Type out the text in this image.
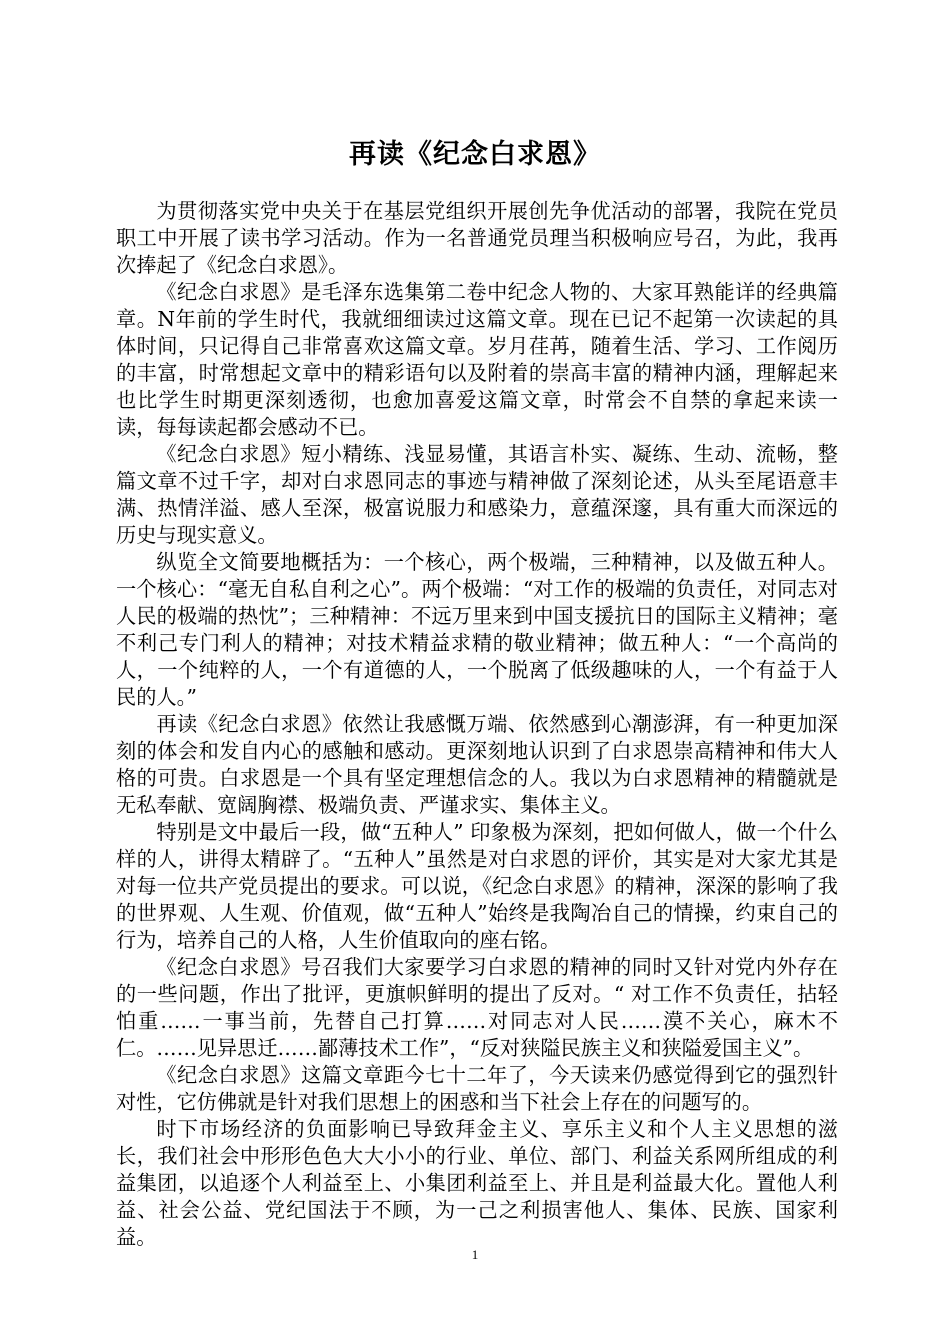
再读《纪念白求恩》

为贯彻落实党中央关于在基层党组织开展创先争优活动的部署，我院在党员职工中开展了读书学习活动。作为一名普通党员理当积极响应号召，为此，我再次捧起了《纪念白求恩》。

《纪念白求恩》是毛泽东选集第二卷中纪念人物的、大家耳熟能详的经典篇章。N年前的学生时代，我就细细读过这篇文章。现在已记不起第一次读起的具体时间，只记得自己非常喜欢这篇文章。岁月荏苒，随着生活、学习、工作阅历的丰富，时常想起文章中的精彩语句以及附着的崇高丰富的精神内涵，理解起来也比学生时期更深刻透彻，也愈加喜爱这篇文章，时常会不自禁的拿起来读一读，每每读起都会感动不已。

《纪念白求恩》短小精练、浅显易懂，其语言朴实、凝练、生动、流畅，整篇文章不过千字，却对白求恩同志的事迹与精神做了深刻论述，从头至尾语意丰满、热情洋溢、感人至深，极富说服力和感染力，意蕴深邃，具有重大而深远的历史与现实意义。

纵览全文简要地概括为：一个核心，两个极端，三种精神，以及做五种人。一个核心：“毫无自私自利之心”。两个极端：“对工作的极端的负责任，对同志对人民的极端的热忱”；三种精神：不远万里来到中国支援抗日的国际主义精神；毫不利己专门利人的精神；对技术精益求精的敬业精神；做五种人：“一个高尚的人，一个纯粹的人，一个有道德的人，一个脱离了低级趣味的人，一个有益于人民的人。”

再读《纪念白求恩》依然让我感慨万端、依然感到心潮澎湃，有一种更加深刻的体会和发自内心的感触和感动。更深刻地认识到了白求恩崇高精神和伟大人格的可贵。白求恩是一个具有坚定理想信念的人。我以为白求恩精神的精髓就是无私奉献、宽阔胸襟、极端负责、严谨求实、集体主义。

特别是文中最后一段，做“五种人” 印象极为深刻，把如何做人，做一个什么样的人，讲得太精辟了。“五种人”虽然是对白求恩的评价，其实是对大家尤其是对每一位共产党员提出的要求。可以说，《纪念白求恩》的精神，深深的影响了我的世界观、人生观、价值观，做“五种人”始终是我陶冶自己的情操，约束自己的行为，培养自己的人格，人生价值取向的座右铭。

《纪念白求恩》号召我们大家要学习白求恩的精神的同时又针对党内外存在的一些问题，作出了批评，更旗帜鲜明的提出了反对。“ 对工作不负责任，拈轻怕重……一事当前，先替自己打算……对同志对人民……漠不关心，麻木不仁。……见异思迁……鄙薄技术工作”，“反对狭隘民族主义和狭隘爱国主义”。

《纪念白求恩》这篇文章距今七十二年了，今天读来仍感觉得到它的强烈针对性，它仿佛就是针对我们思想上的困惑和当下社会上存在的问题写的。

时下市场经济的负面影响已导致拜金主义、享乐主义和个人主义思想的滋长，我们社会中形形色色大大小小的行业、单位、部门、利益关系网所组成的利益集团，以追逐个人利益至上、小集团利益至上、并且是利益最大化。置他人利益、社会公益、党纪国法于不顾，为一己之利损害他人、集体、民族、国家利益。

1
